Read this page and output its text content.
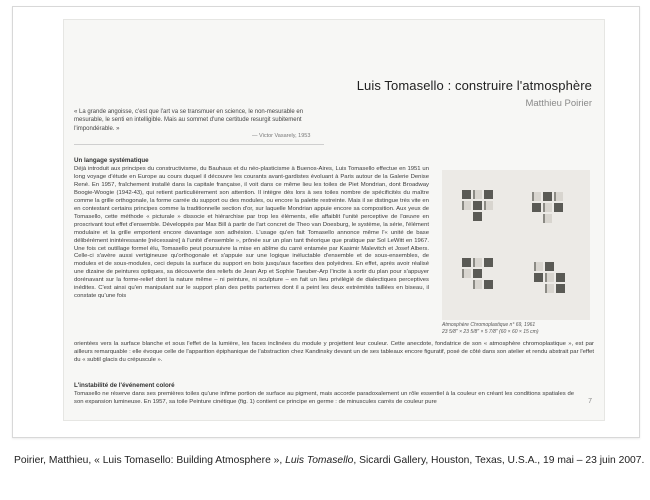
Luis Tomasello : construire l'atmosphère
Matthieu Poirier
« La grande angoisse, c'est que l'art va se transmuer en science, le non-mesurable en mesurable, le senti en intelligible. Mais au sommet d'une certitude resurgit subitement l'impondérable. »
— Victor Vasarely, 1953
Un langage systématique
Déjà introduit aux principes du constructivisme, du Bauhaus et du néo-plasticisme à Buenos-Aires, Luis Tomasello effectue en 1951 un long voyage d'étude en Europe au cours duquel il découvre les courants avant-gardistes évoluant à Paris autour de la Galerie Denise René. En 1957, fraîchement installé dans la capitale française, il voit dans ce même lieu les toiles de Piet Mondrian, dont Broadway Boogie-Woogie (1942-43), qui retient particulièrement son attention. Il intègre dès lors à ses toiles nombre de spécificités du maître comme la grille orthogonale, la forme carrée du support ou des modules, ou encore la palette restreinte. Mais il se distingue très vite en en contestant certains principes comme la traditionnelle section d'or, sur laquelle Mondrian appuie encore sa composition. Aux yeux de Tomasello, cette méthode « picturale » dissocie et hiérarchise par trop les éléments, elle affaiblit l'unité perceptive de l'œuvre en proscrivant tout effet d'ensemble. Développés par Max Bill à partir de l'art concret de Theo van Doesburg, le système, la série, l'élément modulaire et la grille emportent encore davantage son adhésion. L'usage qu'en fait Tomasello annonce même l'« unité de base délibérément inintéressante [nécessaire] à l'unité d'ensemble », prônée sur un plan tant théorique que pratique par Sol LeWitt en 1967. Une fois cet outillage formel élu, Tomasello peut poursuivre la mise en abîme du carré entamée par Kasimir Malevitch et Josef Albers. Celle-ci s'avère aussi vertigineuse qu'orthogonale et s'appuie sur une logique inéluctable d'ensemble et de sous-ensembles, de modules et de sous-modules, ceci depuis la surface du support en bois jusqu'aux facettes des polyèdres. En effet, après avoir réalisé une dizaine de peintures optiques, sa découverte des reliefs de Jean Arp et Sophie Taeuber-Arp l'incite à sortir du plan pour s'appuyer dorénavant sur la forme-relief dont la nature même – ni peinture, ni sculpture – en fait un lieu privilégié de dialectiques perceptives inédites. C'est ainsi qu'en manipulant sur le support plan des petits parterres dont il a peint les deux extrémités taillées en biseau, il constate qu'une fois
orientées vers la surface blanche et sous l'effet de la lumière, les faces inclinées du module y projettent leur couleur. Cette anecdote, fondatrice de son « atmosphère chromoplastique », est par ailleurs remarquable : elle évoque celle de l'apparition épiphanique de l'abstraction chez Kandinsky devant un de ses tableaux encore figuratif, posé de côté dans son atelier et rendu abstrait par l'effet du « subtil glacis du crépuscule ».
L'instabilité de l'événement coloré
Tomasello ne réserve dans ses premières toiles qu'une infime portion de surface au pigment, mais accorde paradoxalement un rôle essentiel à la couleur en créant les conditions spatiales de son expansion lumineuse. En 1957, sa toile Peinture cinétique (fig. 1) contient ce principe en germe : de minuscules carrés de couleur pure
Atmosphère Chromoplastique n° 69, 1961
23 5/8" × 23 5/8" × 5 7/8" (60 × 60 × 15 cm)
7
Poirier, Matthieu, « Luis Tomasello: Building Atmosphere », Luis Tomasello, Sicardi Gallery, Houston, Texas, U.S.A., 19 mai – 23 juin 2007.
